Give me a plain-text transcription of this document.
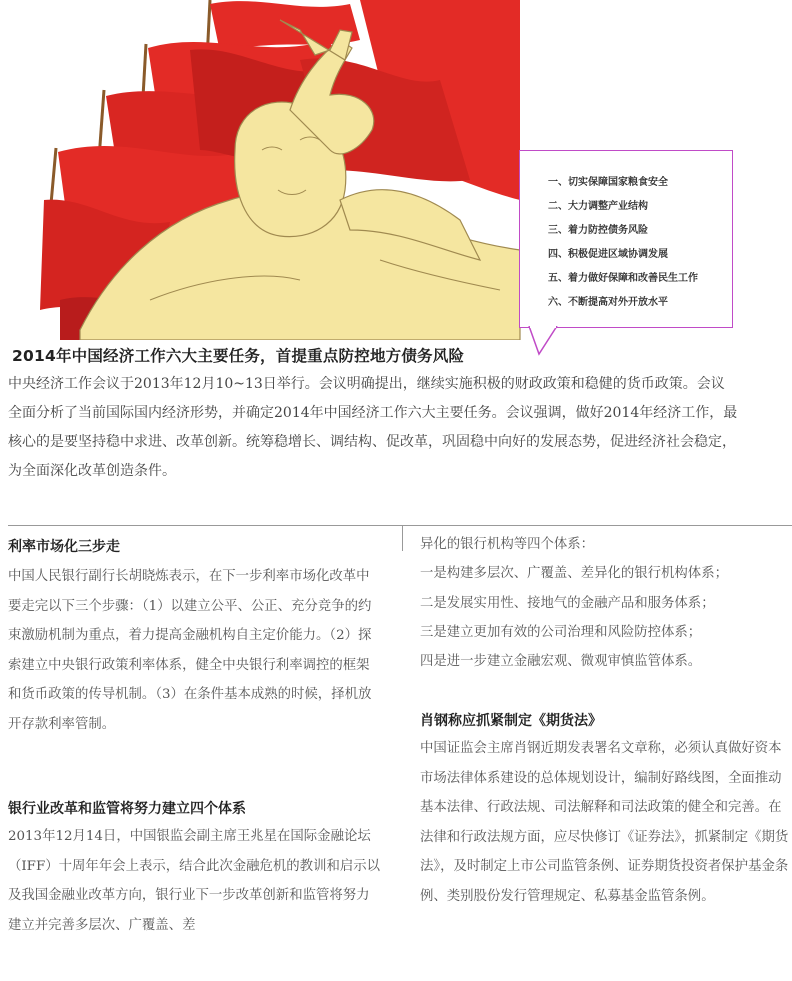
一、切实保障国家粮食安全
二、大力调整产业结构
三、着力防控债务风险
四、积极促进区域协调发展
五、着力做好保障和改善民生工作
六、不断提高对外开放水平
2014年中国经济工作六大主要任务，首提重点防控地方债务风险

中央经济工作会议于2013年12月10~13日举行。会议明确提出，继续实施积极的财政政策和稳健的货币政策。会议全面分析了当前国际国内经济形势，并确定2014年中国经济工作六大主要任务。会议强调，做好2014年经济工作，最核心的是要坚持稳中求进、改革创新。统筹稳增长、调结构、促改革，巩固稳中向好的发展态势，促进经济社会稳定，为全面深化改革创造条件。

利率市场化三步走

中国人民银行副行长胡晓炼表示，在下一步利率市场化改革中要走完以下三个步骤：（1）以建立公平、公正、充分竞争的约束激励机制为重点，着力提高金融机构自主定价能力。（2）探索建立中央银行政策利率体系，健全中央银行利率调控的框架和货币政策的传导机制。（3）在条件基本成熟的时候，择机放开存款利率管制。

银行业改革和监管将努力建立四个体系

2013年12月14日，中国银监会副主席王兆星在国际金融论坛（IFF）十周年年会上表示，结合此次金融危机的教训和启示以及我国金融业改革方向，银行业下一步改革创新和监管将努力建立并完善多层次、广覆盖、差

异化的银行机构等四个体系：
一是构建多层次、广覆盖、差异化的银行机构体系；
二是发展实用性、接地气的金融产品和服务体系；
三是建立更加有效的公司治理和风险防控体系；
四是进一步建立金融宏观、微观审慎监管体系。
肖钢称应抓紧制定《期货法》

中国证监会主席肖钢近期发表署名文章称，必须认真做好资本市场法律体系建设的总体规划设计，编制好路线图，全面推动基本法律、行政法规、司法解释和司法政策的健全和完善。在法律和行政法规方面，应尽快修订《证券法》，抓紧制定《期货法》，及时制定上市公司监管条例、证券期货投资者保护基金条例、类别股份发行管理规定、私募基金监管条例。
